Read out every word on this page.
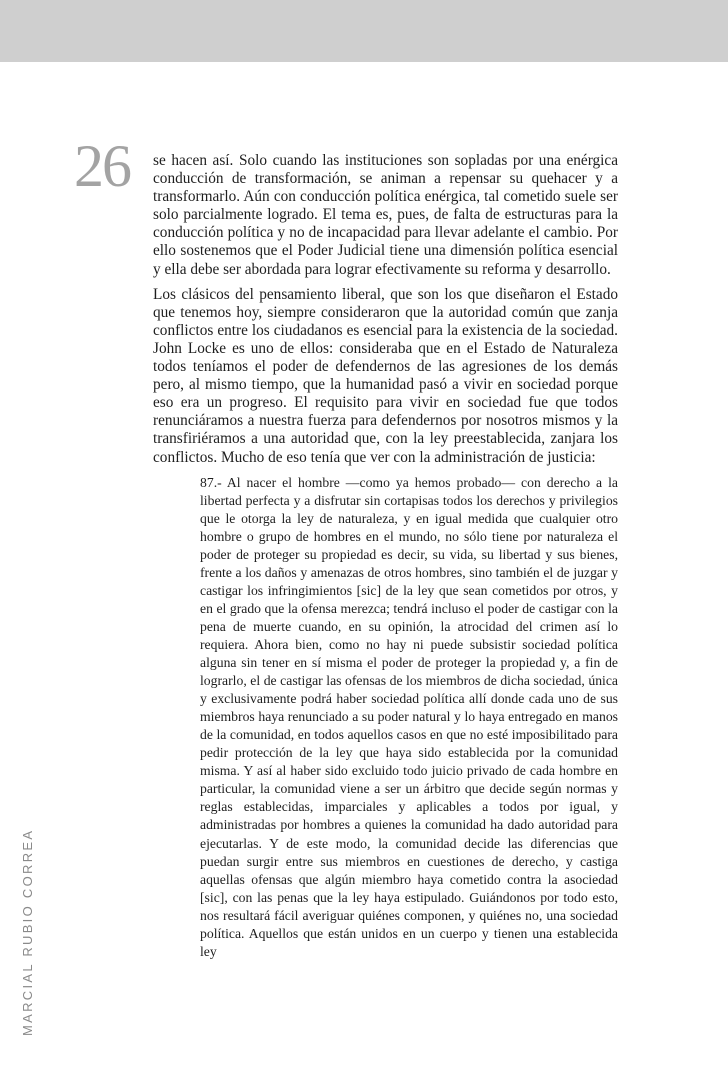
26
MARCIAL RUBIO CORREA

se hacen así. Solo cuando las instituciones son sopladas por una enérgica conducción de transformación, se animan a repensar su quehacer y a transformarlo. Aún con conducción política enérgica, tal cometido suele ser solo parcialmente logrado. El tema es, pues, de falta de estructuras para la conducción política y no de incapacidad para llevar adelante el cambio. Por ello sostenemos que el Poder Judicial tiene una dimensión política esencial y ella debe ser abordada para lograr efectivamente su reforma y desarrollo.

Los clásicos del pensamiento liberal, que son los que diseñaron el Estado que tenemos hoy, siempre consideraron que la autoridad común que zanja conflictos entre los ciudadanos es esencial para la existencia de la sociedad. John Locke es uno de ellos: consideraba que en el Estado de Naturaleza todos teníamos el poder de defendernos de las agresiones de los demás pero, al mismo tiempo, que la humanidad pasó a vivir en sociedad porque eso era un progreso. El requisito para vivir en sociedad fue que todos renunciáramos a nuestra fuerza para defendernos por nosotros mismos y la transfiriéramos a una autoridad que, con la ley preestablecida, zanjara los conflictos. Mucho de eso tenía que ver con la administración de justicia:

87.- Al nacer el hombre —como ya hemos probado— con derecho a la libertad perfecta y a disfrutar sin cortapisas todos los derechos y privilegios que le otorga la ley de naturaleza, y en igual medida que cualquier otro hombre o grupo de hombres en el mundo, no sólo tiene por naturaleza el poder de proteger su propiedad es decir, su vida, su libertad y sus bienes, frente a los daños y amenazas de otros hombres, sino también el de juzgar y castigar los infringimientos [sic] de la ley que sean cometidos por otros, y en el grado que la ofensa merezca; tendrá incluso el poder de castigar con la pena de muerte cuando, en su opinión, la atrocidad del crimen así lo requiera. Ahora bien, como no hay ni puede subsistir sociedad política alguna sin tener en sí misma el poder de proteger la propiedad y, a fin de lograrlo, el de castigar las ofensas de los miembros de dicha sociedad, única y exclusivamente podrá haber sociedad política allí donde cada uno de sus miembros haya renunciado a su poder natural y lo haya entregado en manos de la comunidad, en todos aquellos casos en que no esté imposibilitado para pedir protección de la ley que haya sido establecida por la comunidad misma. Y así al haber sido excluido todo juicio privado de cada hombre en particular, la comunidad viene a ser un árbitro que decide según normas y reglas establecidas, imparciales y aplicables a todos por igual, y administradas por hombres a quienes la comunidad ha dado autoridad para ejecutarlas. Y de este modo, la comunidad decide las diferencias que puedan surgir entre sus miembros en cuestiones de derecho, y castiga aquellas ofensas que algún miembro haya cometido contra la asociedad [sic], con las penas que la ley haya estipulado. Guiándonos por todo esto, nos resultará fácil averiguar quiénes componen, y quiénes no, una sociedad política. Aquellos que están unidos en un cuerpo y tienen una establecida ley
